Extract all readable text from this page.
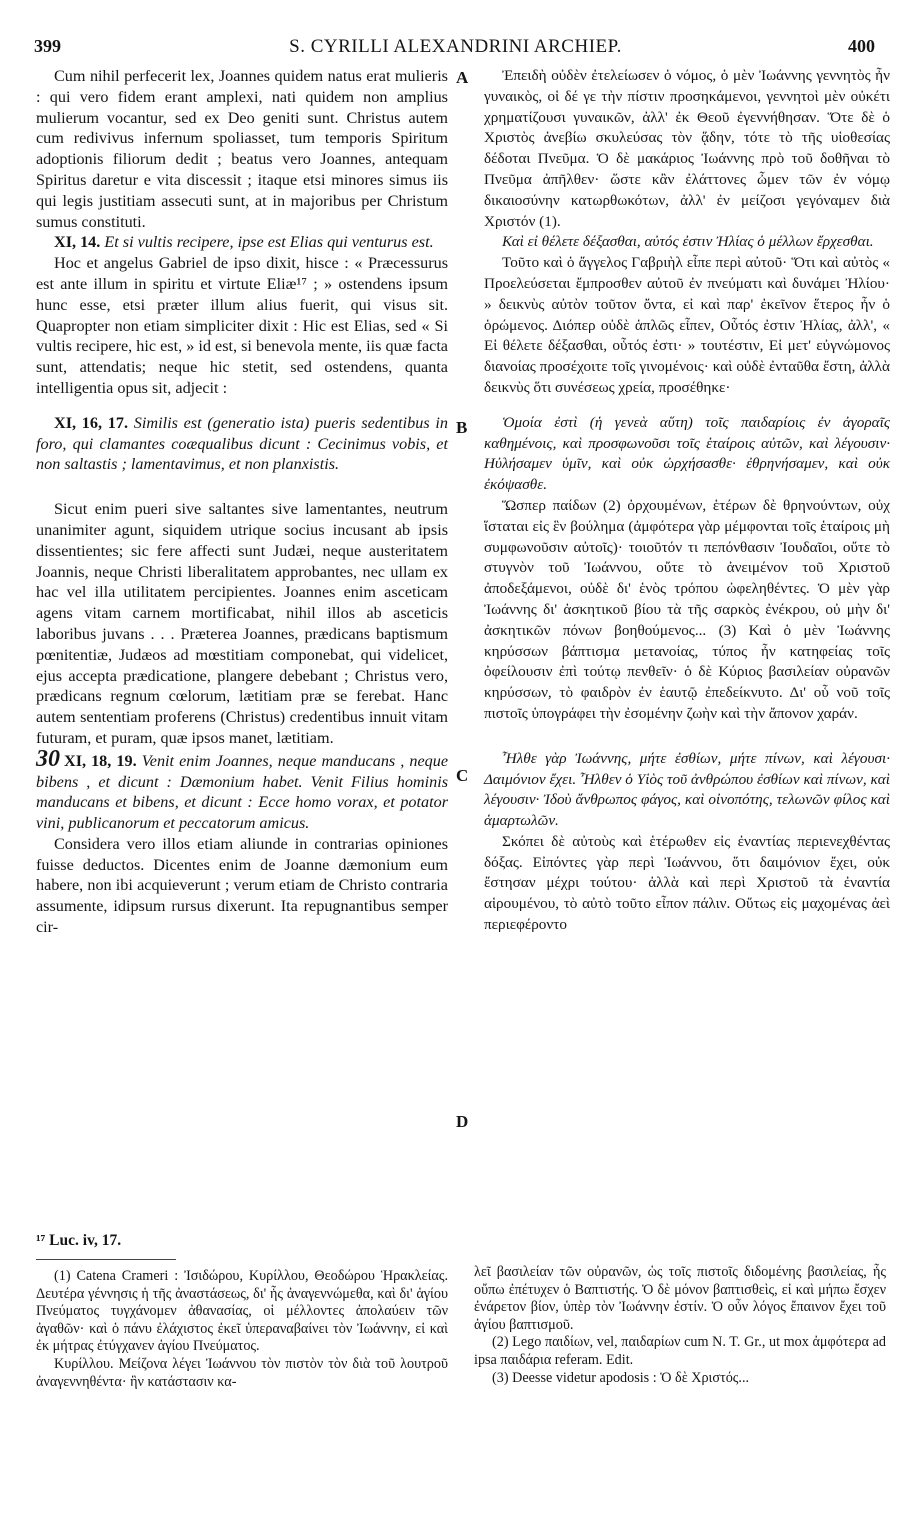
399	S. CYRILLI ALEXANDRINI ARCHIEP.	400

Cum nihil perfecerit lex, Joannes quidem natus erat mulieris : qui vero fidem erant amplexi, nati quidem non amplius mulierum vocantur, sed ex Deo geniti sunt. Christus autem cum redivivus infernum spoliasset, tum temporis Spiritum adoptionis filiorum dedit ; beatus vero Joannes, antequam Spiritus daretur e vita discessit ; itaque etsi minores simus iis qui legis justitiam assecuti sunt, at in majoribus per Christum sumus constituti.

XI, 14. Et si vultis recipere, ipse est Elias qui venturus est.

Hoc et angelus Gabriel de ipso dixit, hisce : « Præcessurus est ante illum in spiritu et virtute Eliæ¹⁷ ; » ostendens ipsum hunc esse, etsi præter illum alius fuerit, qui visus sit. Quapropter non etiam simpliciter dixit : Hic est Elias, sed « Si vultis recipere, hic est, » id est, si benevola mente, iis quæ facta sunt, attendatis; neque hic stetit, sed ostendens, quanta intelligentia opus sit, adjecit :

XI, 16, 17. Similis est (generatio ista) pueris sedentibus in foro, qui clamantes coæqualibus dicunt : Cecinimus vobis, et non saltastis ; lamentavimus, et non planxistis.

Sicut enim pueri sive saltantes sive lamentantes, neutrum unanimiter agunt, siquidem utrique socius incusant ab ipsis dissentientes; sic fere affecti sunt Judæi, neque austeritatem Joannis, neque Christi liberalitatem approbantes, nec ullam ex hac vel illa utilitatem percipientes. Joannes enim asceticam agens vitam carnem mortificabat, nihil illos ab asceticis laboribus juvans . . . Præterea Joannes, prædicans baptismum pœnitentiæ, Judæos ad mœstitiam componebat, qui videlicet, ejus accepta prædicatione, plangere debebant ; Christus vero, prædicans regnum cœlorum, lætitiam præ se ferebat. Hanc autem sententiam proferens (Christus) credentibus innuit vitam futuram, et puram, quæ ipsos manet, lætitiam.

30 XI, 18, 19. Venit enim Joannes, neque manducans , neque bibens , et dicunt : Dæmonium habet. Venit Filius hominis manducans et bibens, et dicunt : Ecce homo vorax, et potator vini, publicanorum et peccatorum amicus.

Considera vero illos etiam aliunde in contrarias opiniones fuisse deductos. Dicentes enim de Joanne dæmonium eum habere, non ibi acquieverunt ; verum etiam de Christo contraria assumente, idipsum rursus dixerunt. Ita repugnantibus semper cir-

A
B
C
D

Ἐπειδὴ οὐδὲν ἐτελείωσεν ὁ νόμος, ὁ μὲν Ἰωάννης γεννητὸς ἦν γυναικὸς, οἱ δέ γε τὴν πίστιν προσηκάμενοι, γεννητοὶ μὲν οὐκέτι χρηματίζουσι γυναικῶν, ἀλλ' ἐκ Θεοῦ ἐγεννήθησαν. Ὅτε δὲ ὁ Χριστὸς ἀνεβίω σκυλεύσας τὸν ᾅδην, τότε τὸ τῆς υἱοθεσίας δέδοται Πνεῦμα. Ὁ δὲ μακάριος Ἰωάννης πρὸ τοῦ δοθῆναι τὸ Πνεῦμα ἀπῆλθεν· ὥστε κἂν ἐλάττονες ὦμεν τῶν ἐν νόμῳ δικαιοσύνην κατωρθωκότων, ἀλλ' ἐν μείζοσι γεγόναμεν διὰ Χριστόν (1).

Καὶ εἰ θέλετε δέξασθαι, αὐτός ἐστιν Ἠλίας ὁ μέλλων ἔρχεσθαι.

Τοῦτο καὶ ὁ ἄγγελος Γαβριὴλ εἶπε περὶ αὐτοῦ· Ὅτι καὶ αὐτὸς « Προελεύσεται ἔμπροσθεν αὐτοῦ ἐν πνεύματι καὶ δυνάμει Ἠλίου· » δεικνὺς αὐτὸν τοῦτον ὄντα, εἰ καὶ παρ' ἐκεῖνον ἕτερος ἦν ὁ ὁρώμενος. Διόπερ οὐδὲ ἁπλῶς εἶπεν, Οὗτός ἐστιν Ἠλίας, ἀλλ', « Εἰ θέλετε δέξασθαι, οὗτός ἐστι· » τουτέστιν, Εἰ μετ' εὐγνώμονος διανοίας προσέχοιτε τοῖς γινομένοις· καὶ οὐδὲ ἐνταῦθα ἔστη, ἀλλὰ δεικνὺς ὅτι συνέσεως χρεία, προσέθηκε·

Ὁμοία ἐστὶ (ἡ γενεὰ αὕτη) τοῖς παιδαρίοις ἐν ἀγοραῖς καθημένοις, καὶ προσφωνοῦσι τοῖς ἑταίροις αὐτῶν, καὶ λέγουσιν· Ηὐλήσαμεν ὑμῖν, καὶ οὐκ ὠρχήσασθε· ἐθρηνήσαμεν, καὶ οὐκ ἐκόψασθε.

Ὥσπερ παίδων (2) ὀρχουμένων, ἑτέρων δὲ θρηνούντων, οὐχ ἵσταται εἰς ἓν βούλημα (ἀμφότερα γὰρ μέμφονται τοῖς ἑταίροις μὴ συμφωνοῦσιν αὐτοῖς)· τοιοῦτόν τι πεπόνθασιν Ἰουδαῖοι, οὔτε τὸ στυγνὸν τοῦ Ἰωάννου, οὔτε τὸ ἀνειμένον τοῦ Χριστοῦ ἀποδεξάμενοι, οὐδὲ δι' ἑνὸς τρόπου ὠφεληθέντες. Ὁ μὲν γὰρ Ἰωάννης δι' ἀσκητικοῦ βίου τὰ τῆς σαρκὸς ἐνέκρου, οὐ μὴν δι' ἀσκητικῶν πόνων βοηθούμενος... (3) Καὶ ὁ μὲν Ἰωάννης κηρύσσων βάπτισμα μετανοίας, τύπος ἦν κατηφείας τοῖς ὀφείλουσιν ἐπὶ τούτῳ πενθεῖν· ὁ δὲ Κύριος βασιλείαν οὐρανῶν κηρύσσων, τὸ φαιδρὸν ἐν ἑαυτῷ ἐπεδείκνυτο. Δι' οὗ νοῦ τοῖς πιστοῖς ὑπογράφει τὴν ἐσομένην ζωὴν καὶ τὴν ἄπονον χαράν.

Ἦλθε γὰρ Ἰωάννης, μήτε ἐσθίων, μήτε πίνων, καὶ λέγουσι· Δαιμόνιον ἔχει. Ἦλθεν ὁ Υἱὸς τοῦ ἀνθρώπου ἐσθίων καὶ πίνων, καὶ λέγουσιν· Ἰδοὺ ἄνθρωπος φάγος, καὶ οἰνοπότης, τελωνῶν φίλος καὶ ἁμαρτωλῶν.

Σκόπει δὲ αὐτοὺς καὶ ἑτέρωθεν εἰς ἐναντίας περιενεχθέντας δόξας. Εἰπόντες γὰρ περὶ Ἰωάννου, ὅτι δαιμόνιον ἔχει, οὐκ ἔστησαν μέχρι τούτου· ἀλλὰ καὶ περὶ Χριστοῦ τὰ ἐναντία αἱρουμένου, τὸ αὐτὸ τοῦτο εἶπον πάλιν. Οὕτως εἰς μαχομένας ἀεὶ περιεφέροντο

¹⁷ Luc. iv, 17.

(1) Catena Crameri : Ἰσιδώρου, Κυρίλλου, Θεοδώρου Ἡρακλείας. Δευτέρα γέννησις ἡ τῆς ἀναστάσεως, δι' ἧς ἀναγεννώμεθα, καὶ δι' ἁγίου Πνεύματος τυγχάνομεν ἀθανασίας, οἱ μέλλοντες ἀπολαύειν τῶν ἀγαθῶν· καὶ ὁ πάνυ ἐλάχιστος ἐκεῖ ὑπεραναβαίνει τὸν Ἰωάννην, εἰ καὶ ἐκ μήτρας ἐτύγχανεν ἁγίου Πνεύματος.

Κυρίλλου. Μείζονα λέγει Ἰωάννου τὸν πιστὸν τὸν διὰ τοῦ λουτροῦ ἀναγεννηθέντα· ἣν κατάστασιν κα-

λεῖ βασιλείαν τῶν οὐρανῶν, ὡς τοῖς πιστοῖς διδομένης βασιλείας, ἧς οὔπω ἐπέτυχεν ὁ Βαπτιστής. Ὁ δὲ μόνον βαπτισθεὶς, εἰ καὶ μήπω ἔσχεν ἐνάρετον βίον, ὑπὲρ τὸν Ἰωάννην ἐστίν. Ὁ οὖν λόγος ἔπαινον ἔχει τοῦ ἁγίου βαπτισμοῦ.

(2) Lego παιδίων, vel, παιδαρίων cum N. T. Gr., ut mox ἀμφότερα ad ipsa παιδάρια referam. Edit.

(3) Deesse videtur apodosis : Ὁ δὲ Χριστός...
